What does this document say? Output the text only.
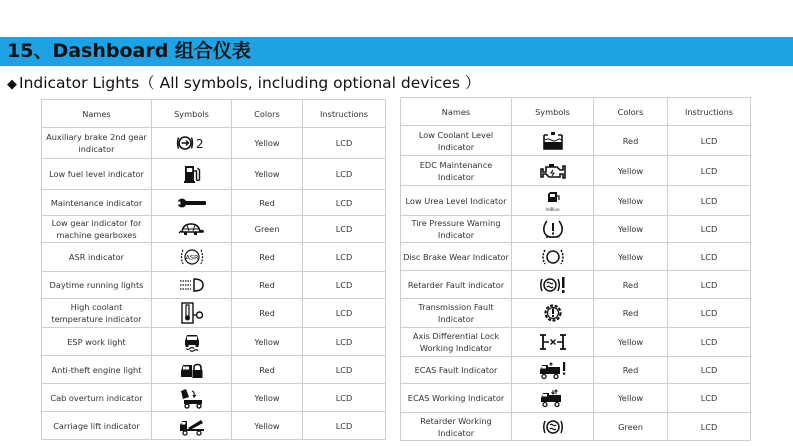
15、Dashboard 组合仪表
◆ Indicator Lights（ All symbols, including optional devices ）
Names	Symbols	Colors	Instructions
Auxiliary brake 2nd gear indicator	2	Yellow	LCD
Low fuel level indicator		Yellow	LCD
Maintenance indicator		Red	LCD
Low gear indicator for machine gearboxes		Green	LCD
ASR indicator	ASR	Red	LCD
Daytime running lights		Red	LCD
High coolant temperature indicator		Red	LCD
ESP work light		Yellow	LCD
Anti-theft engine light		Red	LCD
Cab overturn indicator		Yellow	LCD
Carriage lift indicator		Yellow	LCD
Names	Symbols	Colors	Instructions
Low Coolant Level Indicator		Red	LCD
EDC Maintenance Indicator		Yellow	LCD
Low Urea Level Indicator	AdBlue	Yellow	LCD
Tire Pressure Warning Indicator		Yellow	LCD
Disc Brake Wear Indicator		Yellow	LCD
Retarder Fault indicator		Red	LCD
Transmission Fault Indicator		Red	LCD
Axis Differential Lock Working Indicator		Yellow	LCD
ECAS Fault Indicator		Red	LCD
ECAS Working Indicator		Yellow	LCD
Retarder Working Indicator		Green	LCD
